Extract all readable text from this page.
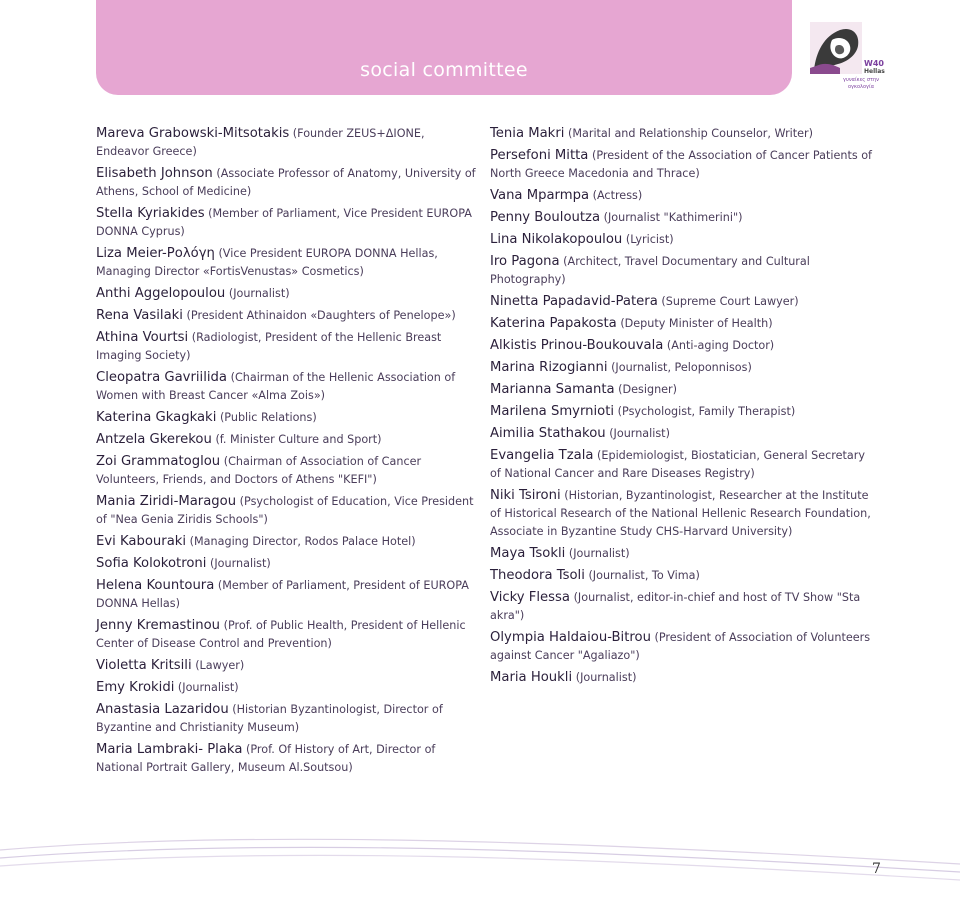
social committee	W40
Hellas
γυναίκες στην ογκολογία
Mareva Grabowski-Mitsotakis (Founder ZEUS+ΔΙΟΝΕ, Endeavor Greece)
Elisabeth Johnson (Associate Professor of Anatomy, University of Athens, School of Medicine)
Stella Kyriakides (Member of Parliament, Vice President EUROPA DONNA Cyprus)
Liza Meier-Ρολόγη (Vice President EUROPA DONNA Hellas, Managing Director «FortisVenustas» Cosmetics)
Anthi Aggelopoulou (Journalist)
Rena Vasilaki (President Athinaidon «Daughters of Penelope»)
Athina Vourtsi (Radiologist, President of the Hellenic Breast Imaging Society)
Cleopatra Gavriilida (Chairman of the Hellenic Association of Women with Breast Cancer «Alma Zois»)
Katerina Gkagkaki (Public Relations)
Antzela Gkerekou (f. Minister Culture and Sport)
Zoi Grammatoglou (Chairman of Association of Cancer Volunteers, Friends, and Doctors of Athens "KEFI")
Mania Ziridi-Maragou (Psychologist of Education, Vice President of "Nea Genia Ziridis Schools")
Evi Kabouraki (Managing Director, Rodos Palace Hotel)
Sofia Kolokotroni (Journalist)
Helena Kountoura (Member of Parliament, President of EUROPA DONNA Hellas)
Jenny Kremastinou (Prof. of Public Health, President of Hellenic Center of Disease Control and Prevention)
Violetta Kritsili (Lawyer)
Emy Krokidi (Journalist)
Anastasia Lazaridou (Historian Byzantinologist, Director of Byzantine and Christianity Museum)
Maria Lambraki- Plaka (Prof. Of History of Art, Director of National Portrait Gallery, Museum Al.Soutsou)
Tenia Makri (Marital and Relationship Counselor, Writer)
Persefoni Mitta (President of the Association of Cancer Patients of North Greece Macedonia and Thrace)
Vana Mparmpa (Actress)
Penny Bouloutza (Journalist "Kathimerini")
Lina Nikolakopoulou (Lyricist)
Iro Pagona (Architect, Travel Documentary and Cultural Photography)
Ninetta Papadavid-Patera (Supreme Court Lawyer)
Katerina Papakosta (Deputy Minister of Health)
Alkistis Prinou-Boukouvala (Anti-aging Doctor)
Marina Rizogianni (Journalist, Peloponnisos)
Marianna Samanta (Designer)
Marilena Smyrnioti (Psychologist, Family Therapist)
Aimilia Stathakou (Journalist)
Evangelia Tzala (Epidemiologist, Biostatician, General Secretary of National Cancer and Rare Diseases Registry)
Niki Tsironi (Historian, Byzantinologist, Researcher at the Institute of Historical Research of the National Hellenic Research Foundation, Associate in Byzantine Study CHS-Harvard University)
Maya Tsokli (Journalist)
Theodora Tsoli (Journalist, To Vima)
Vicky Flessa (Journalist, editor-in-chief and host of TV Show "Sta akra")
Olympia Haldaiou-Bitrou (President of Association of Volunteers against Cancer "Agaliazo")
Maria Houkli (Journalist)
7
